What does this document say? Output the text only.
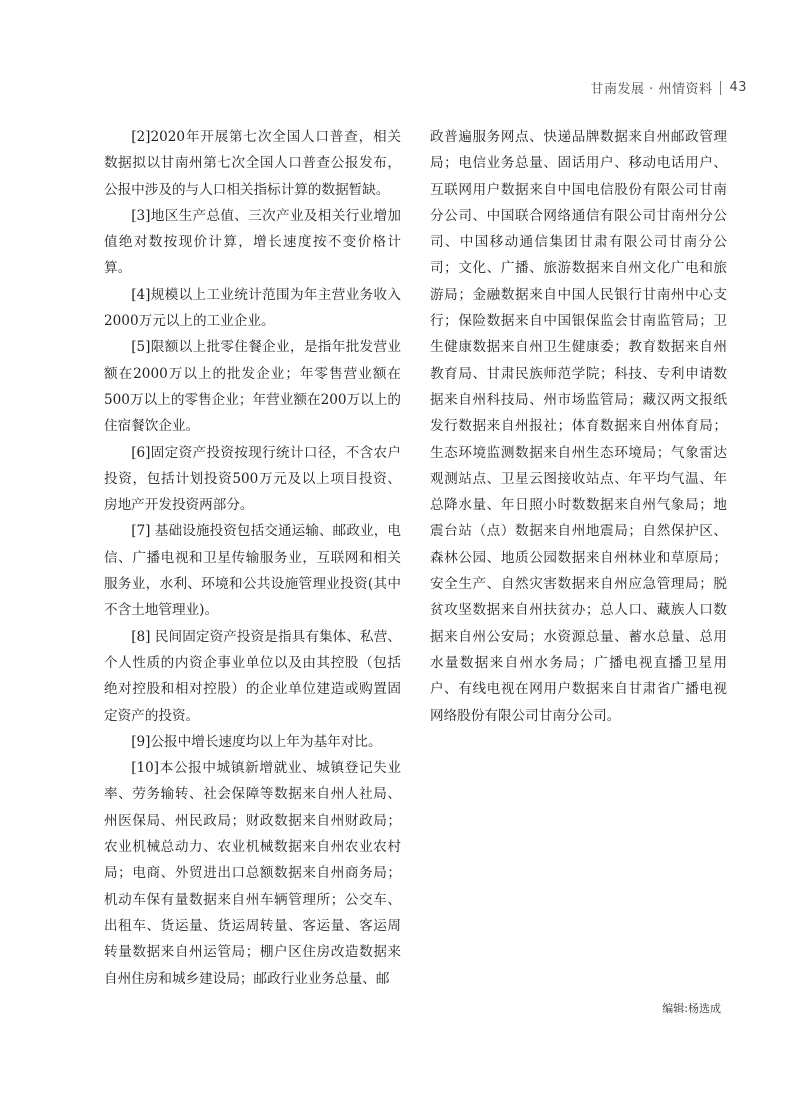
甘南发展 · 州情资料 43

[2]2020年开展第七次全国人口普查，相关数据拟以甘南州第七次全国人口普查公报发布，公报中涉及的与人口相关指标计算的数据暂缺。

[3]地区生产总值、三次产业及相关行业增加值绝对数按现价计算，增长速度按不变价格计算。

[4]规模以上工业统计范围为年主营业务收入2000万元以上的工业企业。

[5]限额以上批零住餐企业，是指年批发营业额在2000万以上的批发企业；年零售营业额在500万以上的零售企业；年营业额在200万以上的住宿餐饮企业。

[6]固定资产投资按现行统计口径，不含农户投资，包括计划投资500万元及以上项目投资、房地产开发投资两部分。

[7] 基础设施投资包括交通运输、邮政业，电信、广播电视和卫星传输服务业，互联网和相关服务业，水利、环境和公共设施管理业投资(其中不含土地管理业)。

[8] 民间固定资产投资是指具有集体、私营、个人性质的内资企事业单位以及由其控股（包括绝对控股和相对控股）的企业单位建造或购置固定资产的投资。

[9]公报中增长速度均以上年为基年对比。

[10]本公报中城镇新增就业、城镇登记失业率、劳务输转、社会保障等数据来自州人社局、州医保局、州民政局；财政数据来自州财政局；农业机械总动力、农业机械数据来自州农业农村局；电商、外贸进出口总额数据来自州商务局；机动车保有量数据来自州车辆管理所；公交车、出租车、货运量、货运周转量、客运量、客运周转量数据来自州运管局；棚户区住房改造数据来自州住房和城乡建设局；邮政行业业务总量、邮

政普遍服务网点、快递品牌数据来自州邮政管理局；电信业务总量、固话用户、移动电话用户、互联网用户数据来自中国电信股份有限公司甘南分公司、中国联合网络通信有限公司甘南州分公司、中国移动通信集团甘肃有限公司甘南分公司；文化、广播、旅游数据来自州文化广电和旅游局；金融数据来自中国人民银行甘南州中心支行；保险数据来自中国银保监会甘南监管局；卫生健康数据来自州卫生健康委；教育数据来自州教育局、甘肃民族师范学院；科技、专利申请数据来自州科技局、州市场监管局；藏汉两文报纸发行数据来自州报社；体育数据来自州体育局；生态环境监测数据来自州生态环境局；气象雷达观测站点、卫星云图接收站点、年平均气温、年总降水量、年日照小时数数据来自州气象局；地震台站（点）数据来自州地震局；自然保护区、森林公园、地质公园数据来自州林业和草原局；安全生产、自然灾害数据来自州应急管理局；脱贫攻坚数据来自州扶贫办；总人口、藏族人口数据来自州公安局；水资源总量、蓄水总量、总用水量数据来自州水务局；广播电视直播卫星用户、有线电视在网用户数据来自甘肃省广播电视网络股份有限公司甘南分公司。

编辑:杨选成
